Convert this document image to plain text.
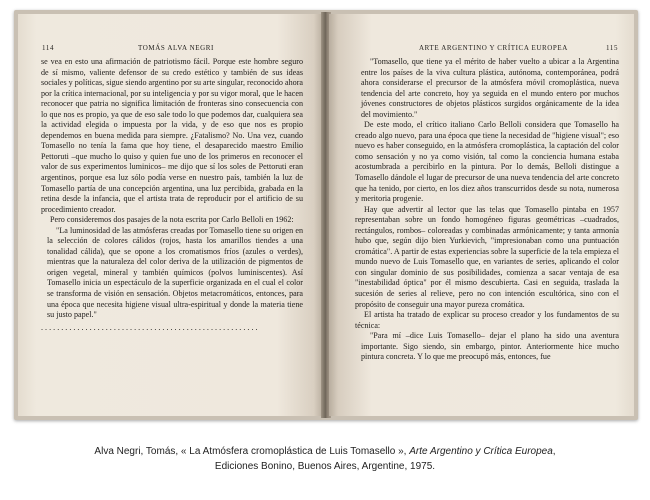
114	TOMÁS ALVA NEGRI

se vea en esto una afirmación de patriotismo fácil. Porque este hombre seguro de sí mismo, valiente defensor de su credo estético y también de sus ideas sociales y políticas, sigue siendo argentino por su arte singular, reconocido ahora por la crítica internacional, por su inteligencia y por su vigor moral, que le hacen reconocer que patria no significa limitación de fronteras sino consecuencia con lo que nos es propio, ya que de eso sale todo lo que podemos dar, cualquiera sea la actividad elegida o impuesta por la vida, y de eso que nos es propio dependemos en buena medida para siempre. ¿Fatalismo? No. Una vez, cuando Tomasello no tenía la fama que hoy tiene, el desaparecido maestro Emilio Pettoruti –que mucho lo quiso y quien fue uno de los primeros en reconocer el valor de sus experimentos luminicos– me dijo que sí los soles de Pettoruti eran argentinos, porque esa luz sólo podía verse en nuestro país, también la luz de Tomasello partía de una concepción argentina, una luz percibida, grabada en la retina desde la infancia, que el artista trata de reproducir por el artificio de su procedimiento creador.

Pero consideremos dos pasajes de la nota escrita por Carlo Belloli en 1962:

"La luminosidad de las atmósferas creadas por Tomasello tiene su origen en la selección de colores cálidos (rojos, hasta los amarillos tiendes a una tonalidad cálida), que se opone a los cromatismos fríos (azules o verdes), mientras que la naturaleza del color deriva de la utilización de pigmentos de origen vegetal, mineral y también químicos (polvos luminiscentes). Así Tomasello inicia un espectáculo de la superficie organizada en el cual el color se transforma de visión en sensación. Objetos metacromáticos, entonces, para una época que necesita higiene visual ultra-espiritual y donde la materia tiene su justo papel."

. . . . . . . . . . . . . . . . . . . . . . . . . . . . . . . . . . . . . . . . . . . . . . . . . . . . . .

ARTE ARGENTINO Y CRÍTICA EUROPEA	115

"Tomasello, que tiene ya el mérito de haber vuelto a ubicar a la Argentina entre los países de la viva cultura plástica, autónoma, contemporánea, podrá ahora considerarse el precursor de la atmósfera móvil cromoplástica, nueva tendencia del arte concreto, hoy ya seguida en el mundo entero por muchos jóvenes constructores de objetos plásticos surgidos orgánicamente de la idea del movimiento."

De este modo, el crítico italiano Carlo Belloli considera que Tomasello ha creado algo nuevo, para una época que tiene la necesidad de "higiene visual"; eso nuevo es haber conseguido, en la atmósfera cromoplástica, la captación del color como sensación y no ya como visión, tal como la conciencia humana estaba acostumbrada a percibirlo en la pintura. Por lo demás, Belloli distingue a Tomasello dándole el lugar de precursor de una nueva tendencia del arte concreto que ha tenido, por cierto, en los diez años transcurridos desde su nota, numerosa y meritoria progenie.

Hay que advertir al lector que las telas que Tomasello pintaba en 1957 representaban sobre un fondo homogéneo figuras geométricas –cuadrados, rectángulos, rombos– coloreadas y combinadas armónicamente; y tanta armonía hubo que, según dijo bien Yurkievich, "impresionaban como una puntuación cromática". A partir de estas experiencias sobre la superficie de la tela empieza el mundo nuevo de Luis Tomasello que, en variantes de series, aplicando el color con singular dominio de sus posibilidades, comienza a sacar ventaja de esa "inestabilidad óptica" por él mismo descubierta. Casi en seguida, traslada la sucesión de series al relieve, pero no con intención escultórica, sino con el propósito de conseguir una mayor pureza cromática.

El artista ha tratado de explicar su proceso creador y los fundamentos de su técnica:

"Para mí –dice Luis Tomasello– dejar el plano ha sido una aventura importante. Sigo siendo, sin embargo, pintor. Anteriormente hice mucho pintura concreta. Y lo que me preocupó más, entonces, fue

Alva Negri, Tomás, « La Atmósfera cromoplástica de Luis Tomasello », Arte Argentino y Crítica Europea,
Ediciones Bonino, Buenos Aires, Argentine, 1975.
